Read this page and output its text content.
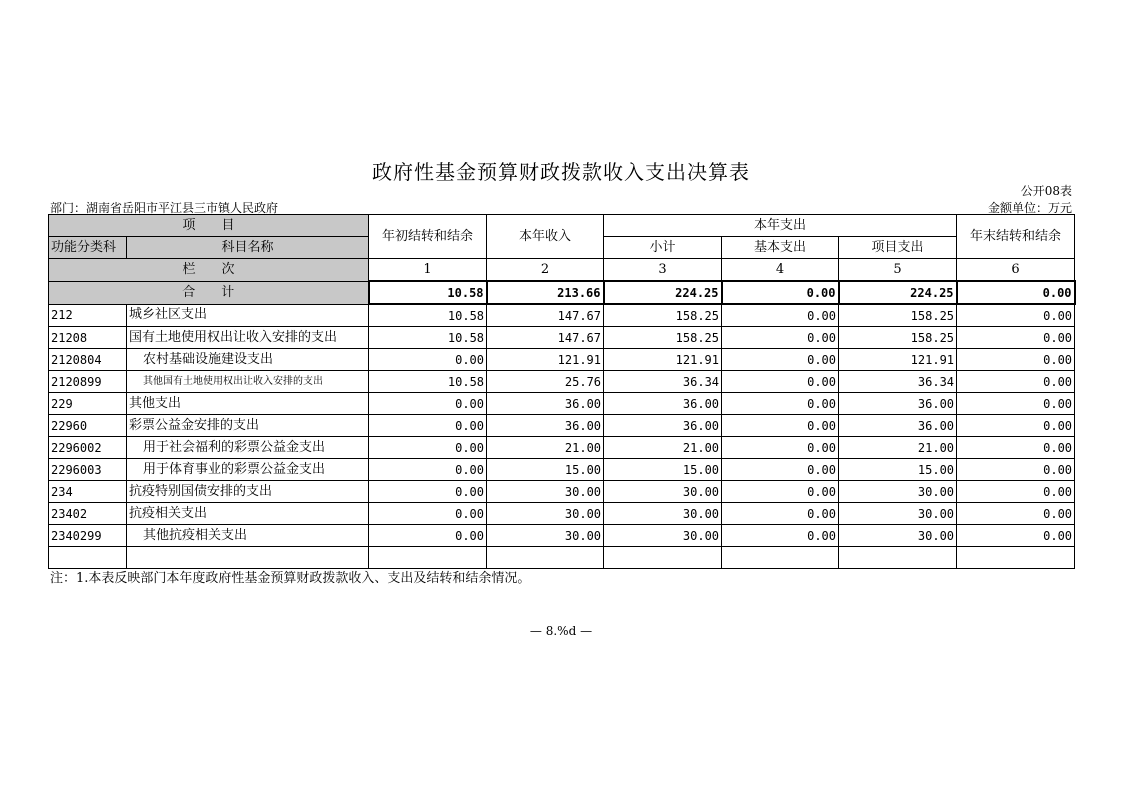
政府性基金预算财政拨款收入支出决算表
公开08表
部门：湖南省岳阳市平江县三市镇人民政府	金额单位：万元
项　　目		年初结转和结余	本年收入	本年支出			年末结转和结余
功能分类科	科目名称			小计	基本支出	项目支出	
栏　　次		1	2	3	4	5	6
合　　计		10.58	213.66	224.25	0.00	224.25	0.00
212	城乡社区支出	10.58	147.67	158.25	0.00	158.25	0.00
21208	国有土地使用权出让收入安排的支出	10.58	147.67	158.25	0.00	158.25	0.00
2120804	农村基础设施建设支出	0.00	121.91	121.91	0.00	121.91	0.00
2120899	其他国有土地使用权出让收入安排的支出	10.58	25.76	36.34	0.00	36.34	0.00
229	其他支出	0.00	36.00	36.00	0.00	36.00	0.00
22960	彩票公益金安排的支出	0.00	36.00	36.00	0.00	36.00	0.00
2296002	用于社会福利的彩票公益金支出	0.00	21.00	21.00	0.00	21.00	0.00
2296003	用于体育事业的彩票公益金支出	0.00	15.00	15.00	0.00	15.00	0.00
234	抗疫特别国债安排的支出	0.00	30.00	30.00	0.00	30.00	0.00
23402	抗疫相关支出	0.00	30.00	30.00	0.00	30.00	0.00
2340299	其他抗疫相关支出	0.00	30.00	30.00	0.00	30.00	0.00

注：1.本表反映部门本年度政府性基金预算财政拨款收入、支出及结转和结余情况。
— 8.%d —
